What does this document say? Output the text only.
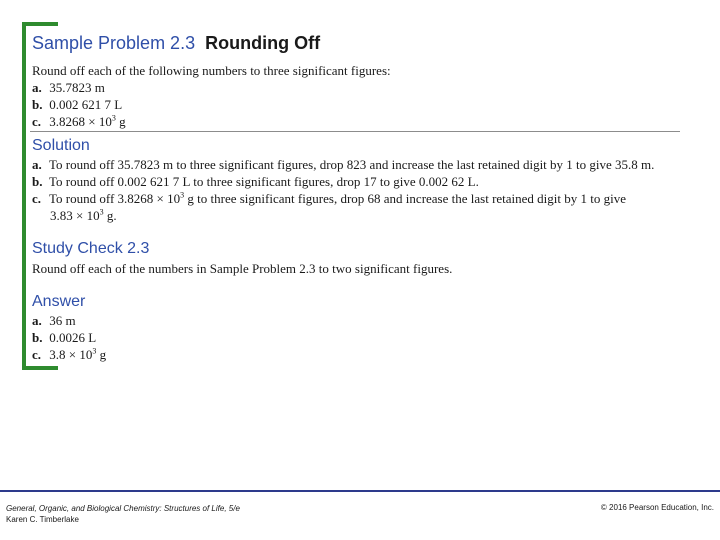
Sample Problem 2.3 Rounding Off
Round off each of the following numbers to three significant figures:
a. 35.7823 m
b. 0.002 621 7 L
c. $3.8268 \times 10^3$ g
Solution
a. To round off 35.7823 m to three significant figures, drop 823 and increase the last retained digit by 1 to give 35.8 m.
b. To round off 0.002 621 7 L to three significant figures, drop 17 to give 0.002 62 L.
c. To round off $3.8268 \times 10^3$ g to three significant figures, drop 68 and increase the last retained digit by 1 to give
$3.83 \times 10^3$ g.
Study Check 2.3
Round off each of the numbers in Sample Problem 2.3 to two significant figures.
Answer
a. 36 m
b. 0.0026 L
c. $3.8 \times 10^3$ g
General, Organic, and Biological Chemistry: Structures of Life, 5/e
Karen C. Timberlake
© 2016 Pearson Education, Inc.
